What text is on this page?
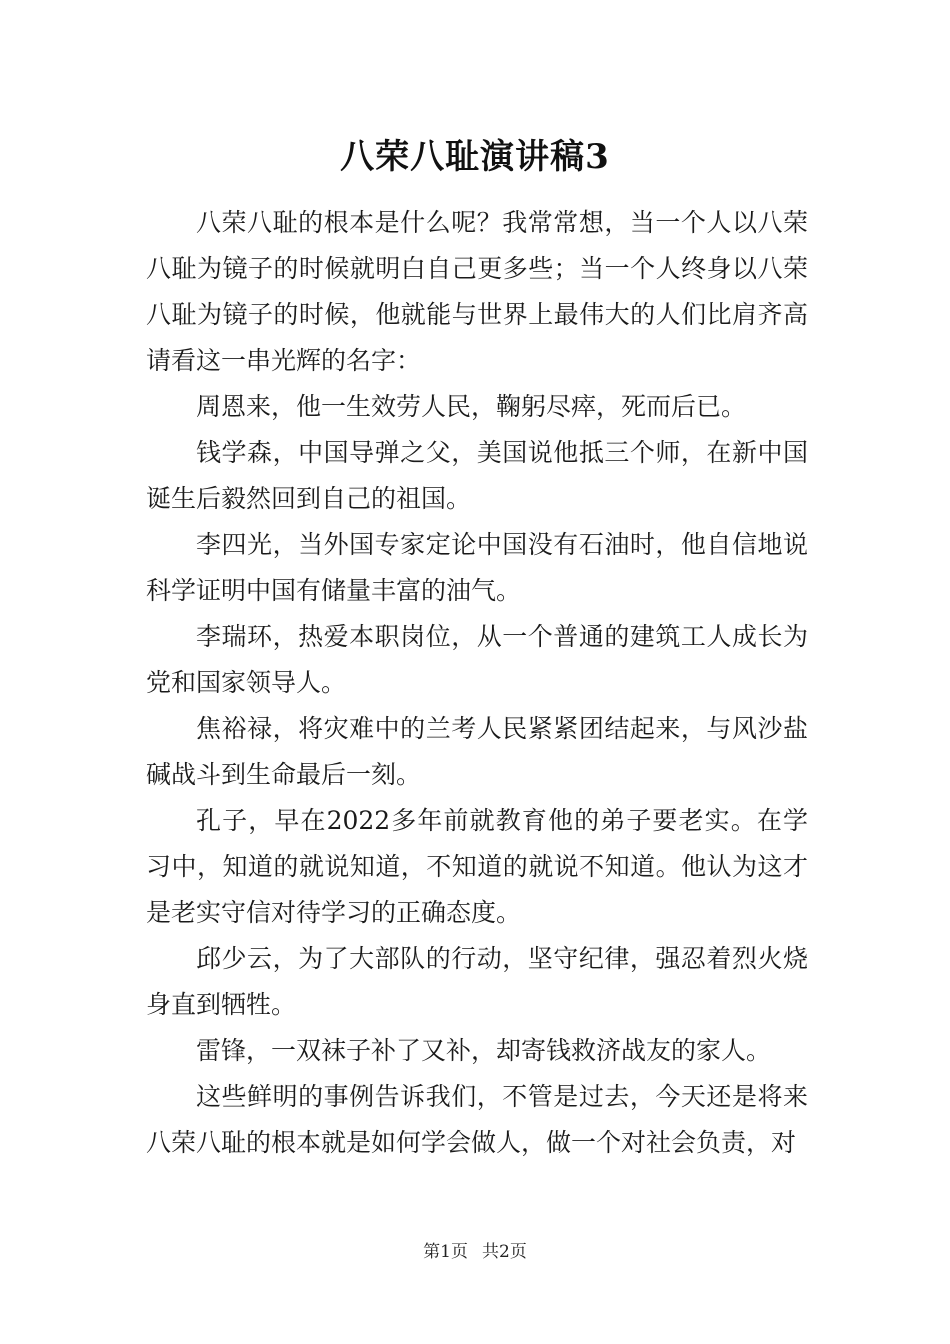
八荣八耻演讲稿3

八荣八耻的根本是什么呢？我常常想，当一个人以八荣八耻为镜子的时候就明白自己更多些；当一个人终身以八荣八耻为镜子的时候，他就能与世界上最伟大的人们比肩齐高请看这一串光辉的名字：

周恩来，他一生效劳人民，鞠躬尽瘁，死而后已。

钱学森，中国导弹之父，美国说他抵三个师，在新中国诞生后毅然回到自己的祖国。

李四光，当外国专家定论中国没有石油时，他自信地说科学证明中国有储量丰富的油气。

李瑞环，热爱本职岗位，从一个普通的建筑工人成长为党和国家领导人。

焦裕禄，将灾难中的兰考人民紧紧团结起来，与风沙盐碱战斗到生命最后一刻。

孔子，早在2022多年前就教育他的弟子要老实。在学习中，知道的就说知道，不知道的就说不知道。他认为这才是老实守信对待学习的正确态度。

邱少云，为了大部队的行动，坚守纪律，强忍着烈火烧身直到牺牲。

雷锋，一双袜子补了又补，却寄钱救济战友的家人。

这些鲜明的事例告诉我们，不管是过去，今天还是将来八荣八耻的根本就是如何学会做人，做一个对社会负责，对

第1页 共2页
